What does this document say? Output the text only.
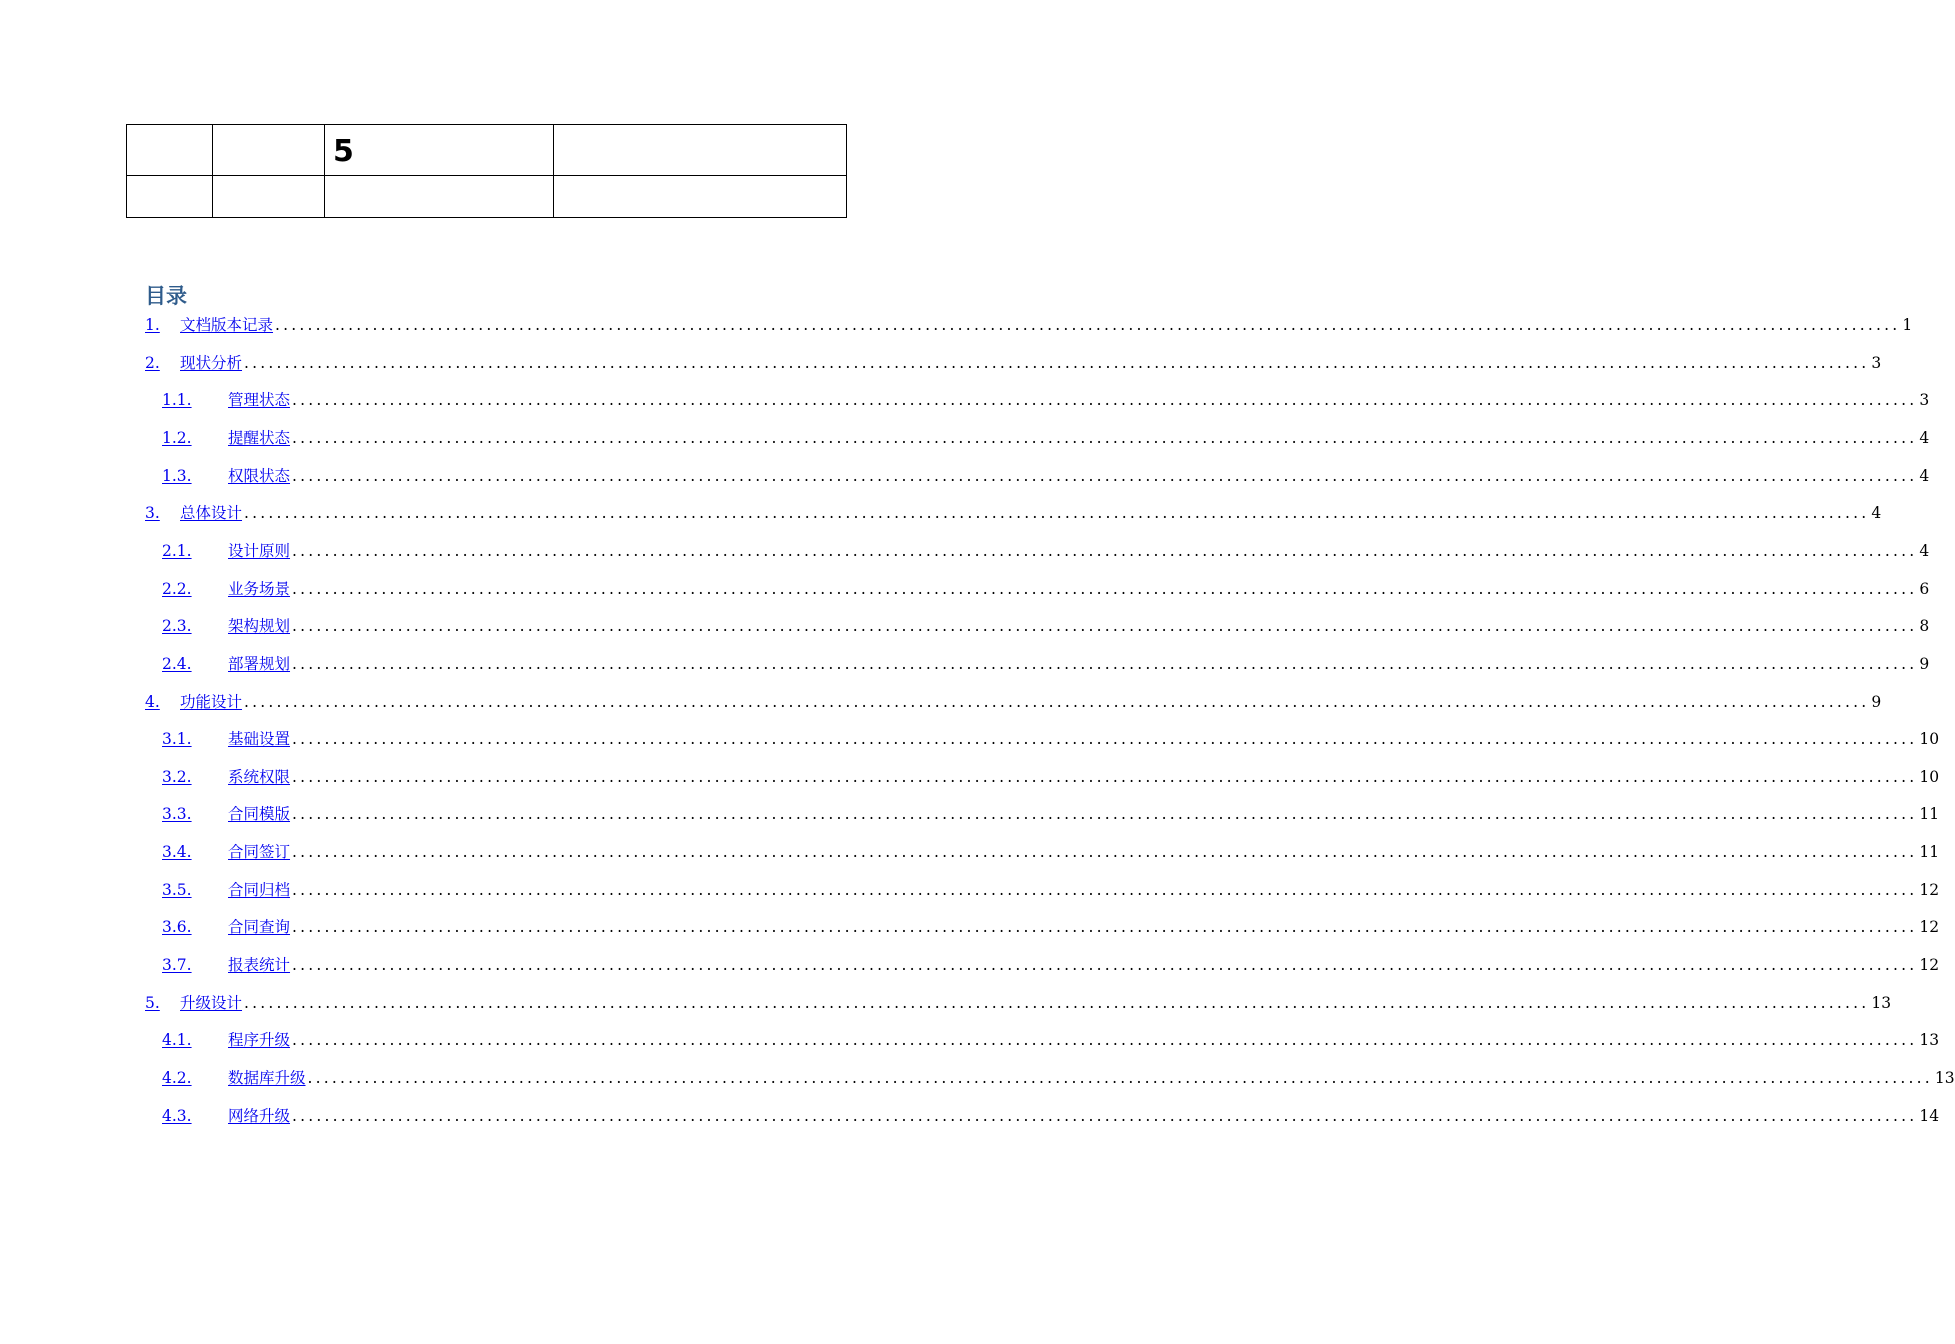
		5	

目录
1.	文档版本记录 ........................................................................................................................................................................................................ 1
2.	现状分析 ........................................................................................................................................................................................................ 3
1.1.	管理状态 ........................................................................................................................................................................................................ 3
1.2.	提醒状态 ........................................................................................................................................................................................................ 4
1.3.	权限状态 ........................................................................................................................................................................................................ 4
3.	总体设计 ........................................................................................................................................................................................................ 4
2.1.	设计原则 ........................................................................................................................................................................................................ 4
2.2.	业务场景 ........................................................................................................................................................................................................ 6
2.3.	架构规划 ........................................................................................................................................................................................................ 8
2.4.	部署规划 ........................................................................................................................................................................................................ 9
4.	功能设计 ........................................................................................................................................................................................................ 9
3.1.	基础设置 ........................................................................................................................................................................................................ 10
3.2.	系统权限 ........................................................................................................................................................................................................ 10
3.3.	合同模版 ........................................................................................................................................................................................................ 11
3.4.	合同签订 ........................................................................................................................................................................................................ 11
3.5.	合同归档 ........................................................................................................................................................................................................ 12
3.6.	合同查询 ........................................................................................................................................................................................................ 12
3.7.	报表统计 ........................................................................................................................................................................................................ 12
5.	升级设计 ........................................................................................................................................................................................................ 13
4.1.	程序升级 ........................................................................................................................................................................................................ 13
4.2.	数据库升级 ........................................................................................................................................................................................................ 13
4.3.	网络升级 ........................................................................................................................................................................................................ 14
